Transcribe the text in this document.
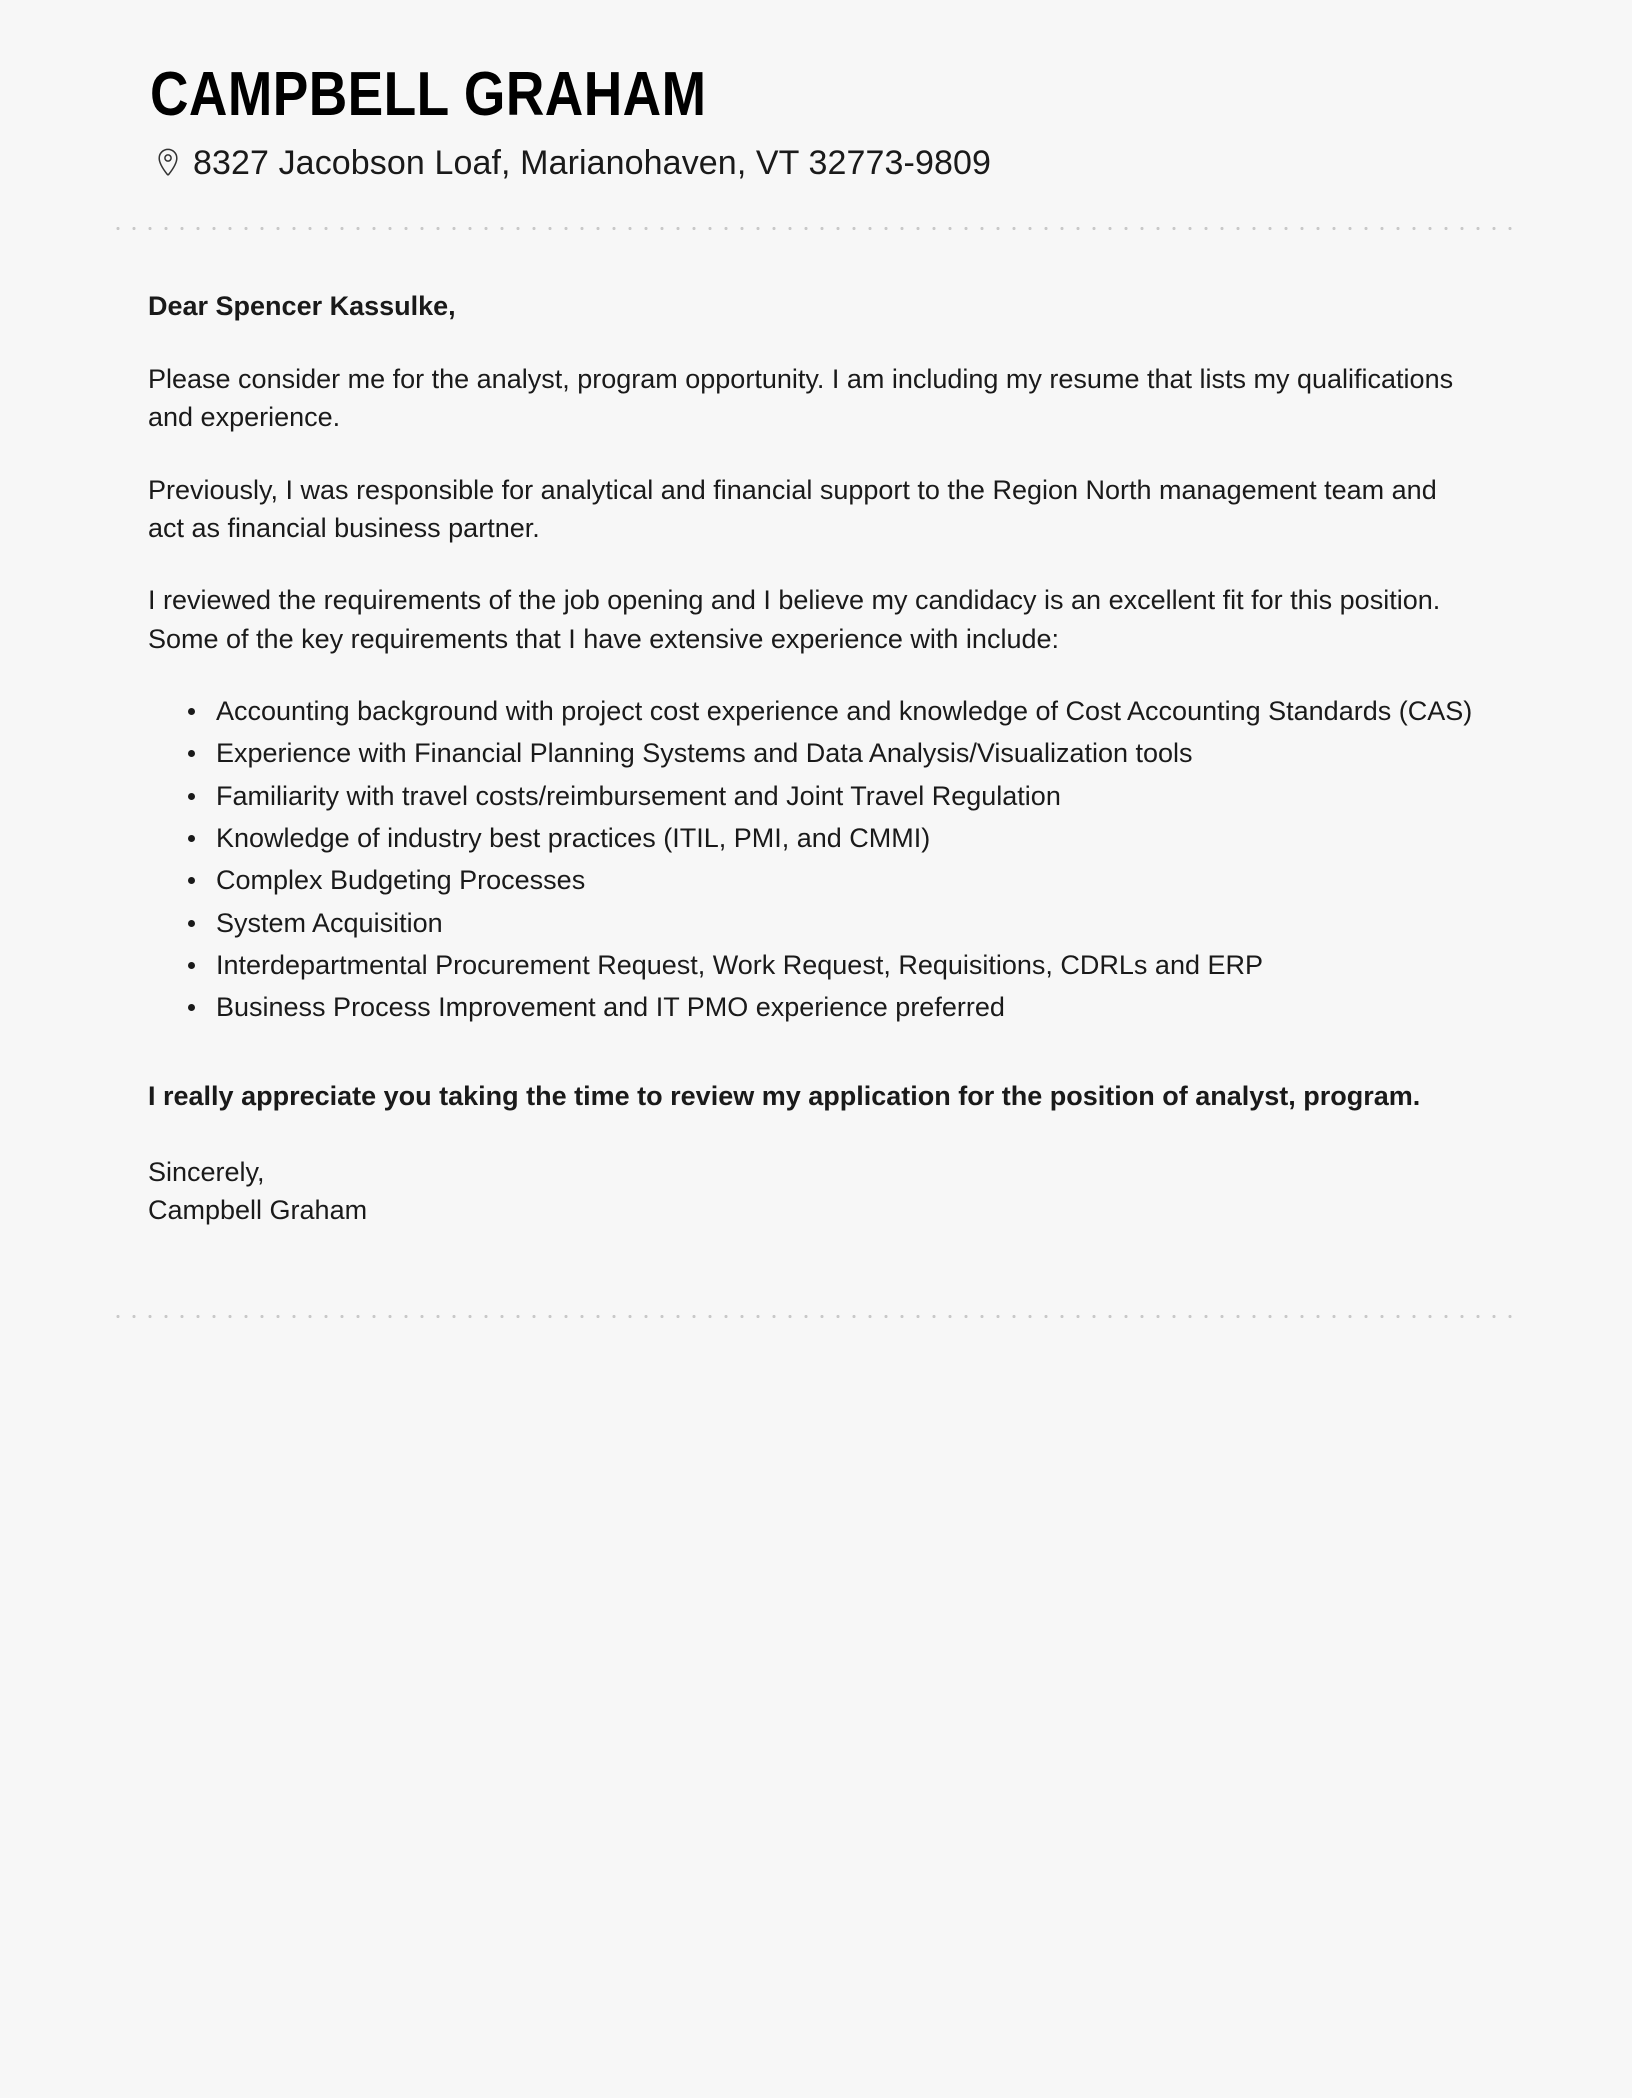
CAMPBELL GRAHAM
8327 Jacobson Loaf, Marianohaven, VT 32773-9809

Dear Spencer Kassulke,

Please consider me for the analyst, program opportunity. I am including my resume that lists my qualifications and experience.

Previously, I was responsible for analytical and financial support to the Region North management team and act as financial business partner.

I reviewed the requirements of the job opening and I believe my candidacy is an excellent fit for this position. Some of the key requirements that I have extensive experience with include:

Accounting background with project cost experience and knowledge of Cost Accounting Standards (CAS)
Experience with Financial Planning Systems and Data Analysis/Visualization tools
Familiarity with travel costs/reimbursement and Joint Travel Regulation
Knowledge of industry best practices (ITIL, PMI, and CMMI)
Complex Budgeting Processes
System Acquisition
Interdepartmental Procurement Request, Work Request, Requisitions, CDRLs and ERP
Business Process Improvement and IT PMO experience preferred

I really appreciate you taking the time to review my application for the position of analyst, program.

Sincerely,
Campbell Graham
